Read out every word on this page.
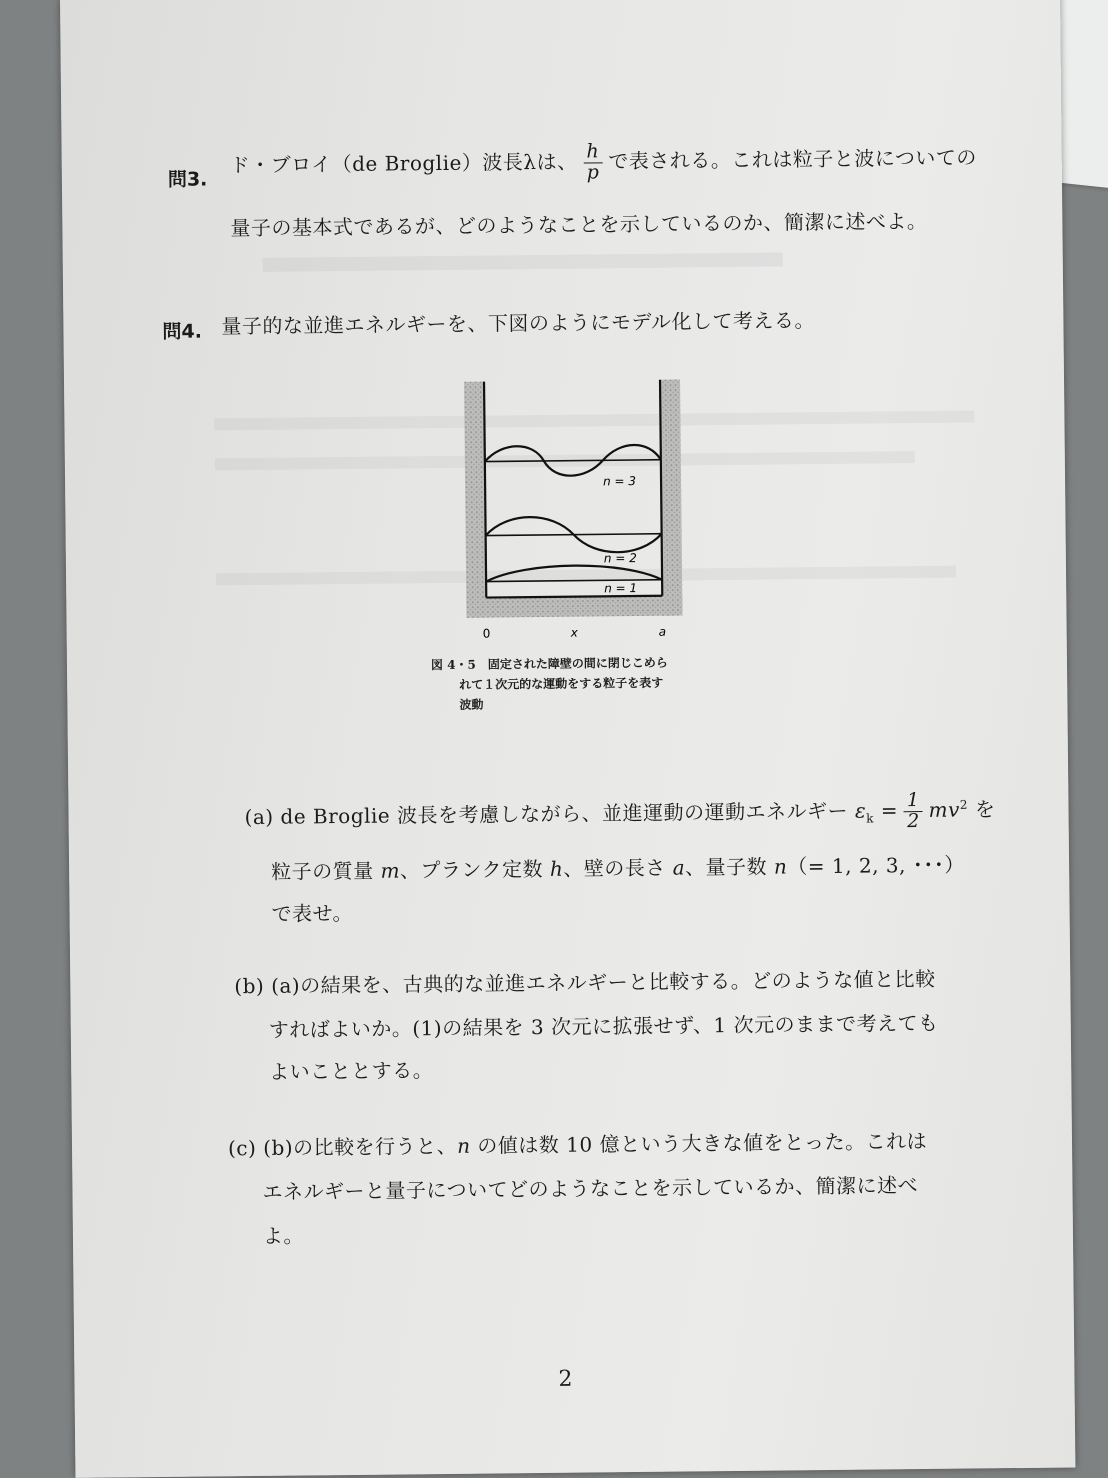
問3.
ド・ブロイ（de Broglie）波長λは、 $\frac{h}{p}$ で表される。これは粒子と波についての
量子の基本式であるが、どのようなことを示しているのか、簡潔に述べよ。
問4. 量子的な並進エネルギーを、下図のようにモデル化して考える。
n = 3
n = 2
n = 1
0	x	a
図 4・5　固定された障壁の間に閉じこめら
れて１次元的な運動をする粒子を表す
波動
(a) de Broglie 波長を考慮しながら、並進運動の運動エネルギー $\varepsilon_k = \frac{1}{2} mv^2$ を
粒子の質量 m、プランク定数 h、壁の長さ a、量子数 n（= 1, 2, 3, ･･･）
で表せ。
(b) (a)の結果を、古典的な並進エネルギーと比較する。どのような値と比較
すればよいか。(1)の結果を 3 次元に拡張せず、1 次元のままで考えても
よいこととする。
(c) (b)の比較を行うと、n の値は数 10 億という大きな値をとった。これは
エネルギーと量子についてどのようなことを示しているか、簡潔に述べ
よ。
2
